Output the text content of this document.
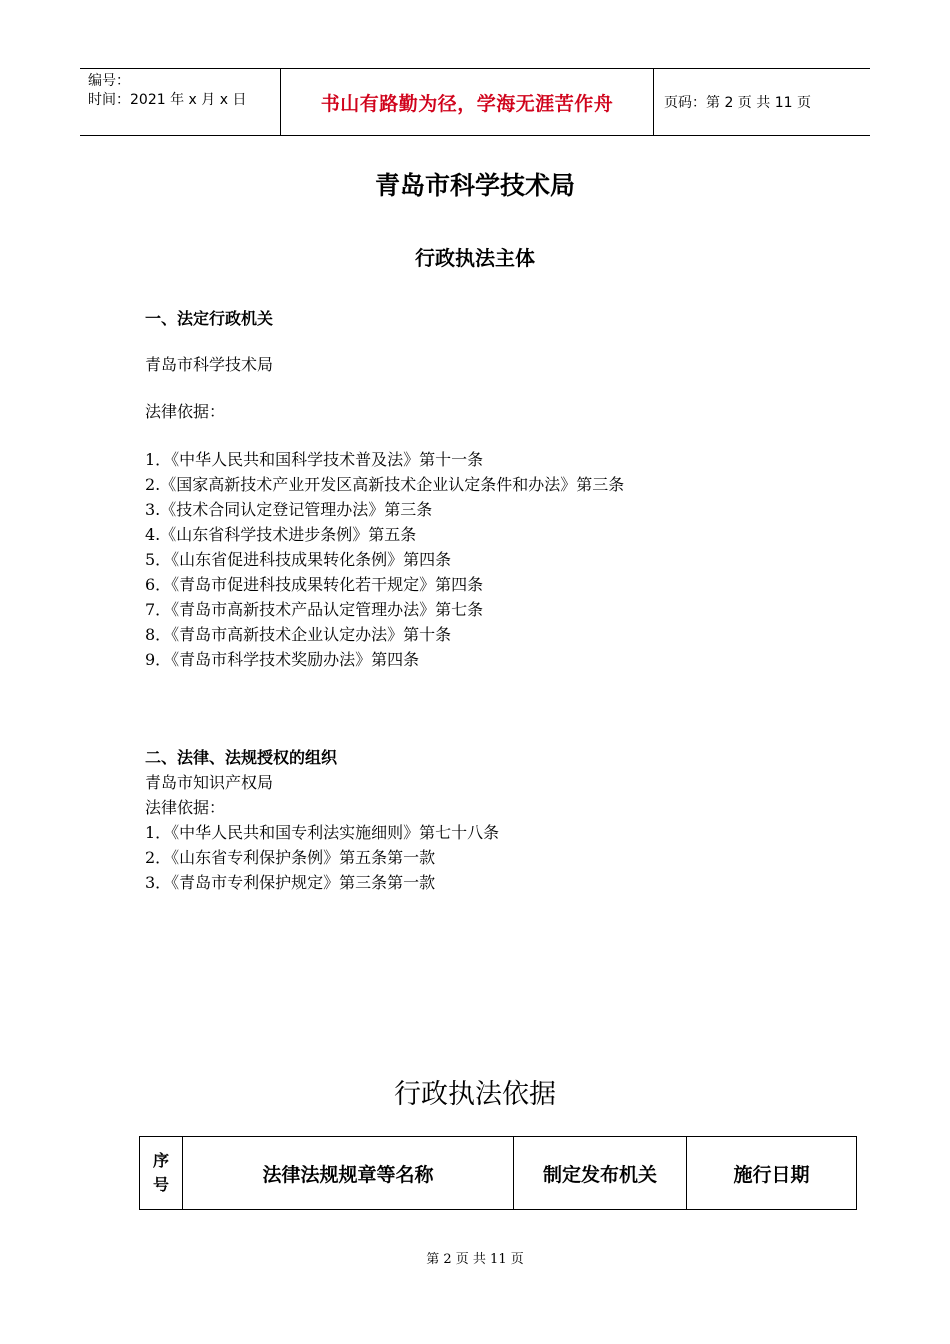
编号：
时间：2021 年 x 月 x 日	书山有路勤为径，学海无涯苦作舟	页码：第 2 页 共 11 页
青岛市科学技术局
行政执法主体
一、法定行政机关
青岛市科学技术局
法律依据：
1．《中华人民共和国科学技术普及法》第十一条
2.《国家高新技术产业开发区高新技术企业认定条件和办法》第三条
3.《技术合同认定登记管理办法》第三条
4.《山东省科学技术进步条例》第五条
5．《山东省促进科技成果转化条例》第四条
6．《青岛市促进科技成果转化若干规定》第四条
7．《青岛市高新技术产品认定管理办法》第七条
8．《青岛市高新技术企业认定办法》第十条
9．《青岛市科学技术奖励办法》第四条
二、法律、法规授权的组织
青岛市知识产权局
法律依据：
1．《中华人民共和国专利法实施细则》第七十八条
2．《山东省专利保护条例》第五条第一款
3．《青岛市专利保护规定》第三条第一款
行政执法依据
序号	法律法规规章等名称	制定发布机关	施行日期
第 2 页 共 11 页
